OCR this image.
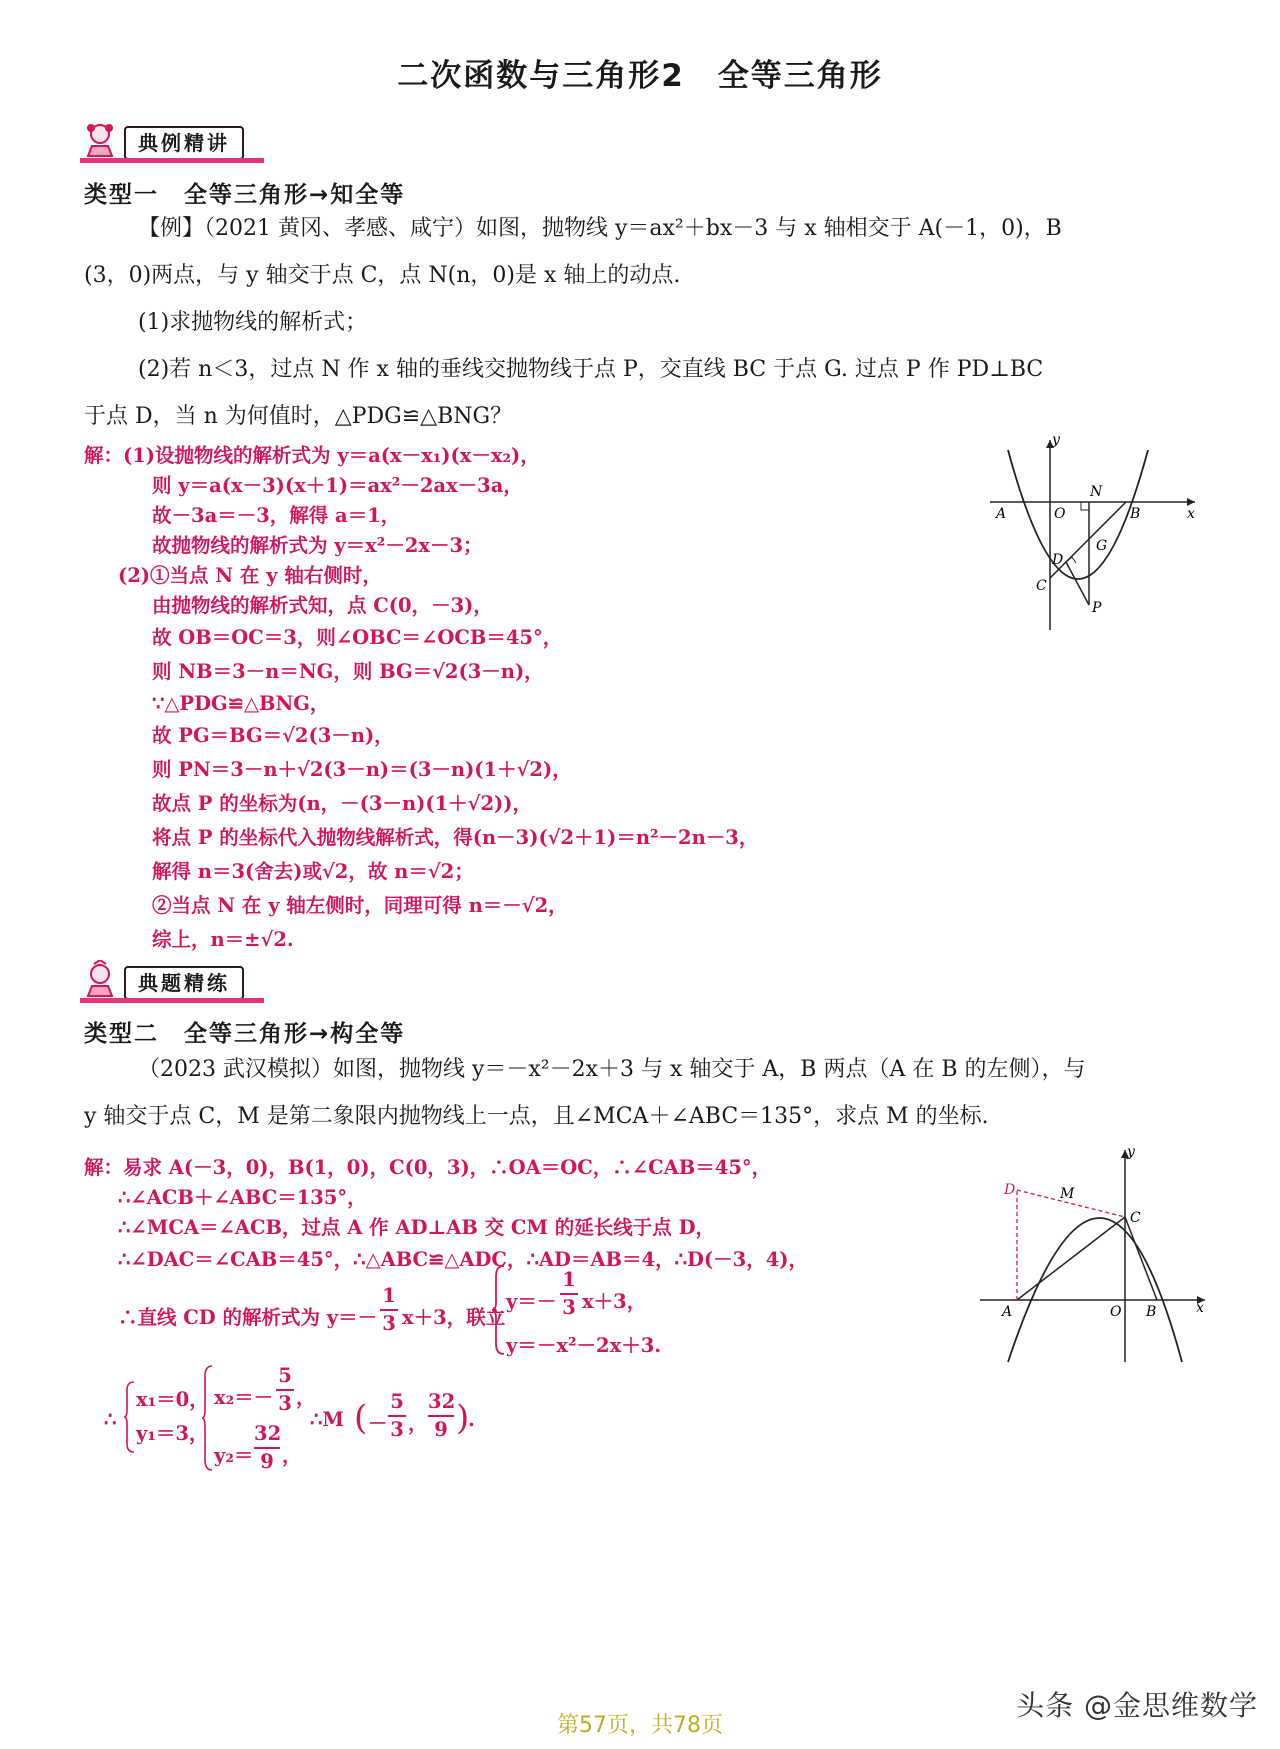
二次函数与三角形2　全等三角形
典例精讲
类型一　全等三角形→知全等

【例】（2021 黄冈、孝感、咸宁）如图，抛物线 y＝ax²＋bx－3 与 x 轴相交于 A(－1，0)，B

(3，0)两点，与 y 轴交于点 C，点 N(n，0)是 x 轴上的动点.

(1)求抛物线的解析式；

(2)若 n＜3，过点 N 作 x 轴的垂线交抛物线于点 P，交直线 BC 于点 G. 过点 P 作 PD⊥BC

于点 D，当 n 为何值时，△PDG≌△BNG？

解：(1)设抛物线的解析式为 y＝a(x－x₁)(x－x₂)，
则 y＝a(x－3)(x＋1)＝ax²－2ax－3a，
故－3a＝－3，解得 a＝1，
故抛物线的解析式为 y＝x²－2x－3；
(2)①当点 N 在 y 轴右侧时，
由抛物线的解析式知，点 C(0，－3)，
故 OB＝OC＝3，则∠OBC＝∠OCB＝45°，
则 NB＝3－n＝NG，则 BG＝√2(3－n)，
∵△PDG≌△BNG，
故 PG＝BG＝√2(3－n)，
则 PN＝3－n＋√2(3－n)＝(3－n)(1＋√2)，
故点 P 的坐标为(n，－(3－n)(1＋√2))，
将点 P 的坐标代入抛物线解析式，得(n－3)(√2＋1)＝n²－2n－3，
解得 n＝3(舍去)或√2，故 n＝√2；
②当点 N 在 y 轴左侧时，同理可得 n＝－√2，
综上，n＝±√2.
y
x
A	O	B
N
G
D
C
P
典题精练
类型二　全等三角形→构全等

（2023 武汉模拟）如图，抛物线 y＝－x²－2x＋3 与 x 轴交于 A，B 两点（A 在 B 的左侧），与

y 轴交于点 C，M 是第二象限内抛物线上一点，且∠MCA＋∠ABC＝135°，求点 M 的坐标.

解：易求 A(－3，0)，B(1，0)，C(0，3)，∴OA＝OC，∴∠CAB＝45°，
∴∠ACB＋∠ABC＝135°，
∴∠MCA＝∠ACB，过点 A 作 AD⊥AB 交 CM 的延长线于点 D，
∴∠DAC＝∠CAB＝45°，∴△ABC≌△ADC，∴AD＝AB＝4，∴D(－3，4)，
∴直线 CD 的解析式为 y＝－
1
3 x＋3，联立
y＝－
1
3 x＋3，
y＝－x²－2x＋3.
∴
x₁＝0，
y₁＝3，
x₂＝－
5
3 ，
y₂＝
32
9 ，
∴M ( －
5
3 ，
32
9 )
.
y
x
A	O B
C
D	M
头条 @金思维数学
第57页，共78页
